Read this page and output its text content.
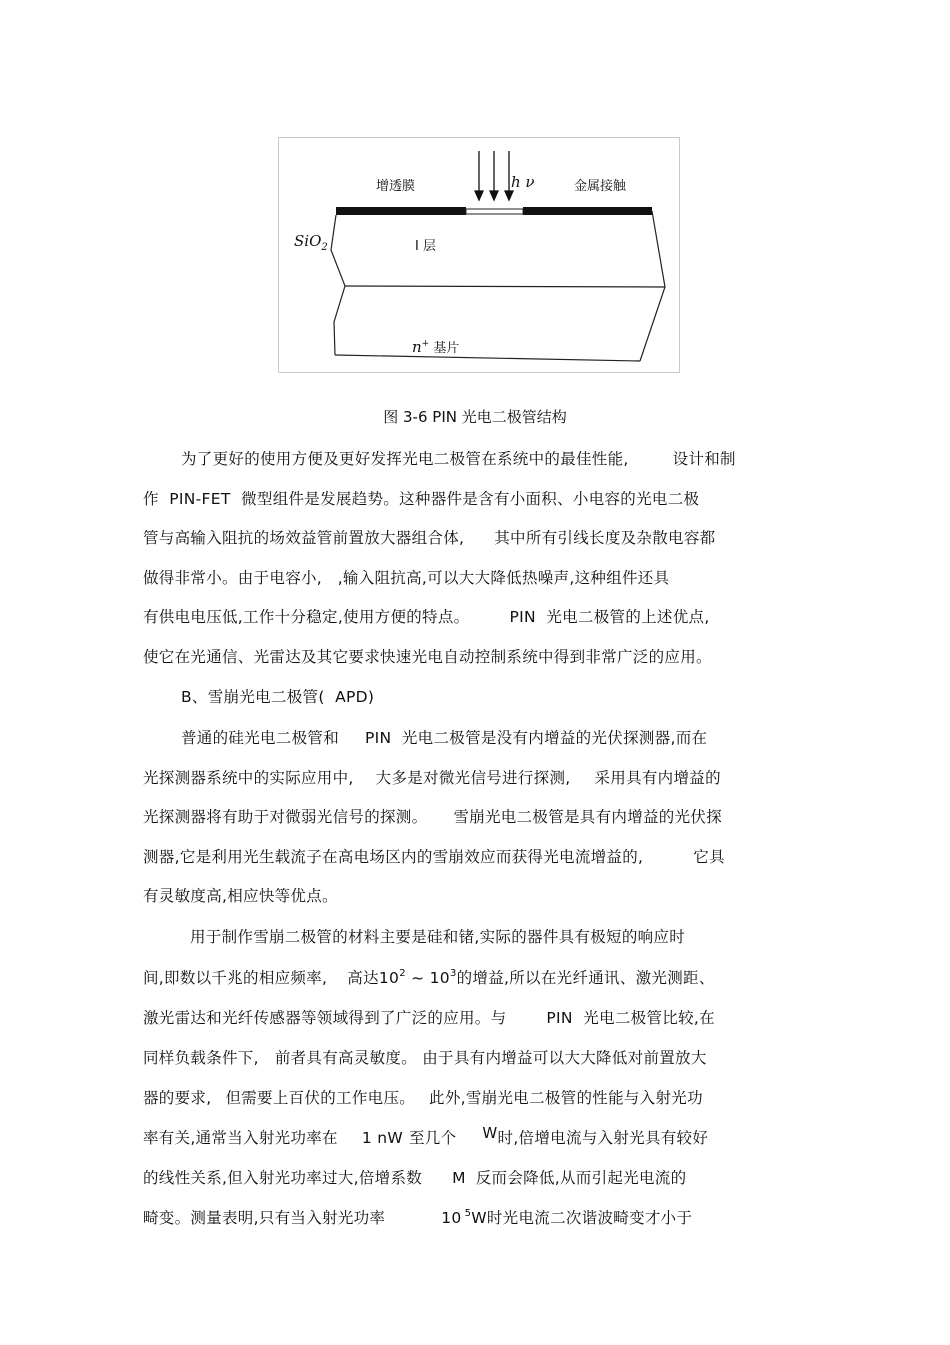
增透膜	h ν	金属接触
SiO$_2$	I 层
n+ 基片
图 3-6 PIN 光电二极管结构
为了更好的使用方便及更好发挥光电二极管在系统中的最佳性能,	设计和制
作  PIN-FET  微型组件是发展趋势。这种器件是含有小面积、小电容的光电二极
管与高输入阻抗的场效益管前置放大器组合体, 其中所有引线长度及杂散电容都
做得非常小。由于电容小,   ,输入阻抗高,可以大大降低热噪声,这种组件还具
有供电电压低,工作十分稳定,使用方便的特点。	PIN  光电二极管的上述优点,
使它在光通信、光雷达及其它要求快速光电自动控制系统中得到非常广泛的应用。
B、雪崩光电二极管(  APD)
普通的硅光电二极管和 PIN  光电二极管是没有内增益的光伏探测器,而在
光探测器系统中的实际应用中, 大多是对微光信号进行探测, 采用具有内增益的
光探测器将有助于对微弱光信号的探测。 雪崩光电二极管是具有内增益的光伏探
测器,它是利用光生载流子在高电场区内的雪崩效应而获得光电流增益的,	它具
有灵敏度高,相应快等优点。
用于制作雪崩二极管的材料主要是硅和锗,实际的器件具有极短的响应时
间,即数以千兆的相应频率, 高达$10^2$ ~ $10^3$的增益,所以在光纤通讯、激光测距、
激光雷达和光纤传感器等领域得到了广泛的应用。与	PIN  光电二极管比较,在
同样负载条件下, 前者具有高灵敏度。 由于具有内增益可以大大降低对前置放大
器的要求, 但需要上百伏的工作电压。 此外,雪崩光电二极管的性能与入射光功
率有关,通常当入射光功率在 1 nW 至几个 W时,倍增电流与入射光具有较好
的线性关系,但入射光功率过大,倍增系数 M 反而会降低,从而引起光电流的
畸变。测量表明,只有当入射光功率	10 $^5$W时光电流二次谐波畸变才小于
